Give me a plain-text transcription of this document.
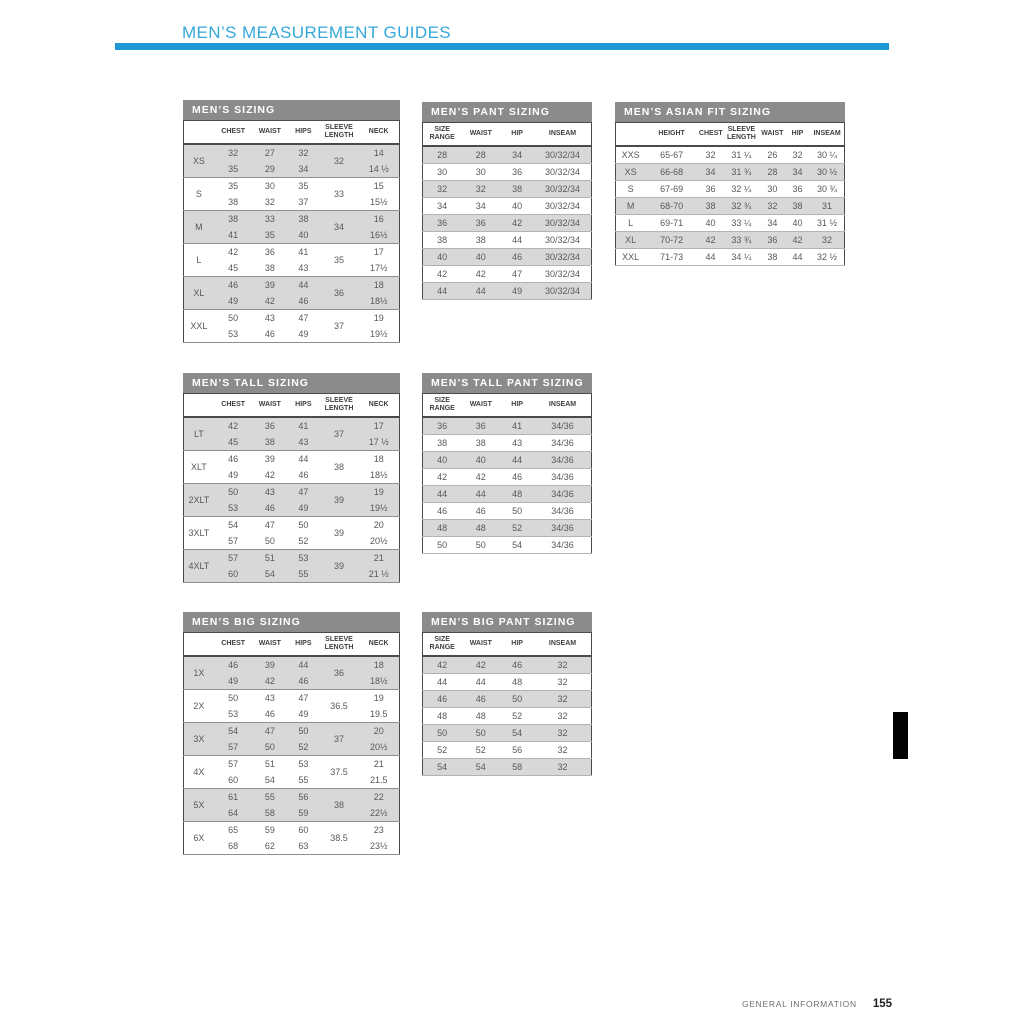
MEN’S MEASUREMENT GUIDES
MEN’S SIZING
	CHEST	WAIST	HIPS	SLEEVE LENGTH	NECK
XS	32	27	32	32	14
	35	29	34		14 ½
S	35	30	35	33	15
	38	32	37		15½
M	38	33	38	34	16
	41	35	40		16½
L	42	36	41	35	17
	45	38	43		17½
XL	46	39	44	36	18
	49	42	46		18½
XXL	50	43	47	37	19
	53	46	49		19½
MEN’S PANT SIZING
SIZE RANGE	WAIST	HIP	INSEAM
28	28	34	30/32/34
30	30	36	30/32/34
32	32	38	30/32/34
34	34	40	30/32/34
36	36	42	30/32/34
38	38	44	30/32/34
40	40	46	30/32/34
42	42	47	30/32/34
44	44	49	30/32/34
MEN’S ASIAN FIT SIZING
	HEIGHT	CHEST	SLEEVE LENGTH	WAIST	HIP	INSEAM
XXS	65-67	32	31 ¼	26	32	30 ¼
XS	66-68	34	31 ¾	28	34	30 ½
S	67-69	36	32 ¼	30	36	30 ¾
M	68-70	38	32 ¾	32	38	31
L	69-71	40	33 ¼	34	40	31 ½
XL	70-72	42	33 ¾	36	42	32
XXL	71-73	44	34 ¼	38	44	32 ½
MEN’S TALL SIZING
	CHEST	WAIST	HIPS	SLEEVE LENGTH	NECK
LT	42	36	41	37	17
	45	38	43		17 ½
XLT	46	39	44	38	18
	49	42	46		18½
2XLT	50	43	47	39	19
	53	46	49		19½
3XLT	54	47	50	39	20
	57	50	52		20½
4XLT	57	51	53	39	21
	60	54	55		21 ½
MEN’S TALL PANT SIZING
SIZE RANGE	WAIST	HIP	INSEAM
36	36	41	34/36
38	38	43	34/36
40	40	44	34/36
42	42	46	34/36
44	44	48	34/36
46	46	50	34/36
48	48	52	34/36
50	50	54	34/36
MEN’S BIG SIZING
	CHEST	WAIST	HIPS	SLEEVE LENGTH	NECK
1X	46	39	44	36	18
	49	42	46		18½
2X	50	43	47	36.5	19
	53	46	49		19.5
3X	54	47	50	37	20
	57	50	52		20½
4X	57	51	53	37.5	21
	60	54	55		21.5
5X	61	55	56	38	22
	64	58	59		22½
6X	65	59	60	38.5	23
	68	62	63		23½
MEN’S BIG PANT SIZING
SIZE RANGE	WAIST	HIP	INSEAM
42	42	46	32
44	44	48	32
46	46	50	32
48	48	52	32
50	50	54	32
52	52	56	32
54	54	58	32
GENERAL INFORMATION 155
